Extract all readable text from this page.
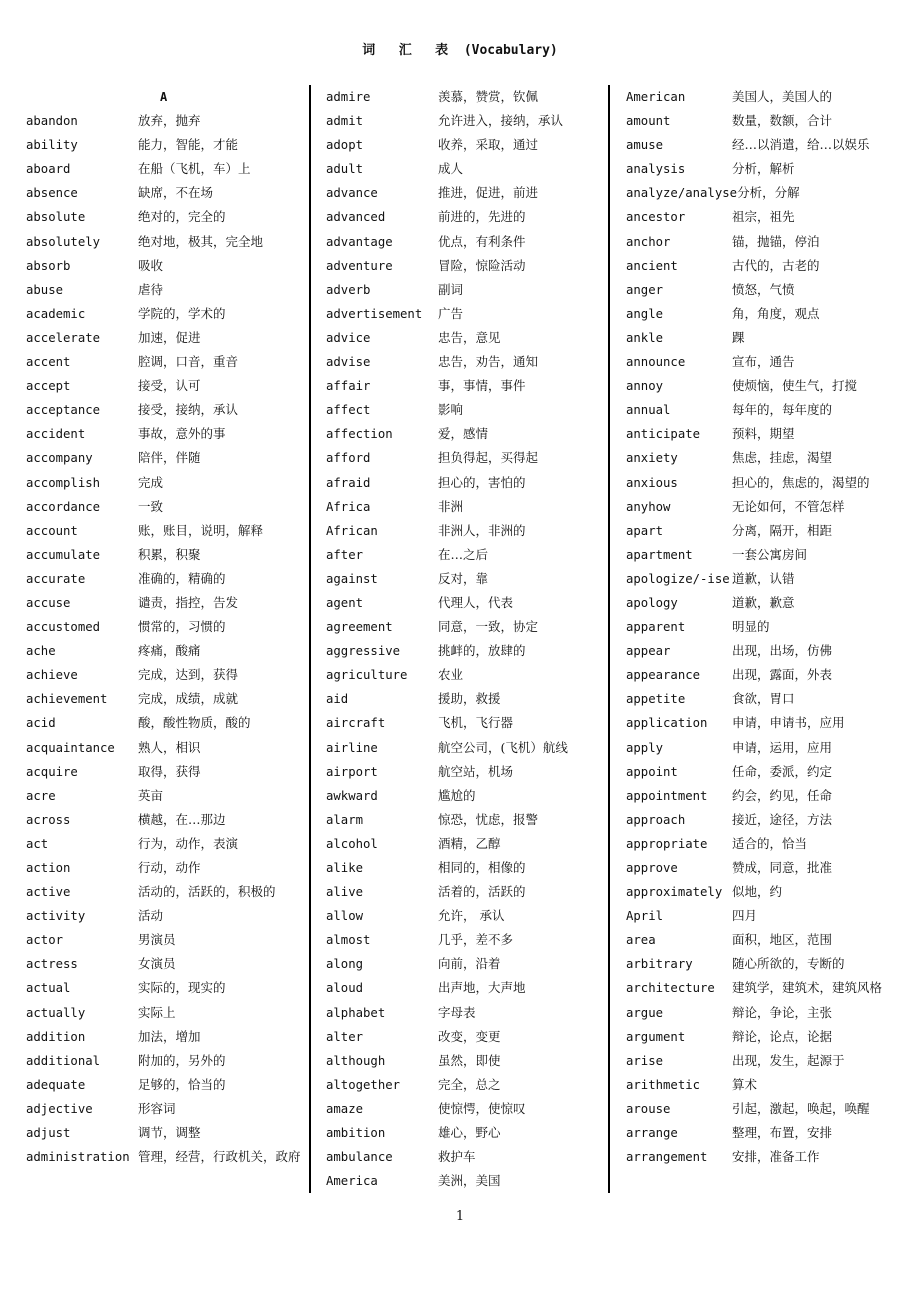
词   汇   表  (Vocabulary)
A
abandon	放弃，抛弃
ability	能力，智能，才能
aboard	在船（飞机，车）上
absence	缺席，不在场
absolute	绝对的，完全的
absolutely	绝对地，极其，完全地
absorb	吸收
abuse	虐待
academic	学院的，学术的
accelerate	加速，促进
accent	腔调，口音，重音
accept	接受，认可
acceptance	接受，接纳，承认
accident	事故，意外的事
accompany	陪伴，伴随
accomplish	完成
accordance	一致
account	账，账目，说明，解释
accumulate	积累，积聚
accurate	准确的，精确的
accuse	谴责，指控，告发
accustomed	惯常的，习惯的
ache	疼痛，酸痛
achieve	完成，达到，获得
achievement	完成，成绩，成就
acid	酸，酸性物质，酸的
acquaintance	熟人，相识
acquire	取得，获得
acre	英亩
across	横越，在…那边
act	行为，动作，表演
action	行动，动作
active	活动的，活跃的，积极的
activity	活动
actor	男演员
actress	女演员
actual	实际的，现实的
actually	实际上
addition	加法，增加
additional	附加的，另外的
adequate	足够的，恰当的
adjective	形容词
adjust	调节，调整
administration 管理，经营，行政机关，政府
admire	羡慕，赞赏，钦佩
admit	允许进入，接纳，承认
adopt	收养，采取，通过
adult	成人
advance	推进，促进，前进
advanced	前进的，先进的
advantage	优点，有利条件
adventure	冒险，惊险活动
adverb	副词
advertisement	广告
advice	忠告，意见
advise	忠告，劝告，通知
affair	事，事情，事件
affect	影响
affection	爱，感情
afford	担负得起，买得起
afraid	担心的，害怕的
Africa	非洲
African	非洲人，非洲的
after	在…之后
against	反对，靠
agent	代理人，代表
agreement	同意，一致，协定
aggressive	挑衅的，放肆的
agriculture	农业
aid	援助，救援
aircraft	飞机，飞行器
airline	航空公司，(飞机）航线
airport	航空站，机场
awkward	尴尬的
alarm	惊恐，忧虑，报警
alcohol	酒精，乙醇
alike	相同的，相像的
alive	活着的，活跃的
allow	允许， 承认
almost	几乎，差不多
along	向前，沿着
aloud	出声地，大声地
alphabet	字母表
alter	改变，变更
although	虽然，即使
altogether	完全，总之
amaze	使惊愕，使惊叹
ambition	雄心，野心
ambulance	救护车
America	美洲，美国
American	美国人，美国人的
amount	数量，数额，合计
amuse	经…以消遣，给…以娱乐
analysis	分析，解析
analyze/analyse 分析，分解
ancestor	祖宗，祖先
anchor	锚，抛锚，停泊
ancient	古代的，古老的
anger	愤怒，气愤
angle	角，角度，观点
ankle	踝
announce	宣布，通告
annoy	使烦恼，使生气，打搅
annual	每年的，每年度的
anticipate	预料，期望
anxiety	焦虑，挂虑，渴望
anxious	担心的，焦虑的，渴望的
anyhow	无论如何，不管怎样
apart	分离，隔开，相距
apartment	一套公寓房间
apologize/-ise 道歉，认错
apology	道歉，歉意
apparent	明显的
appear	出现，出场，仿佛
appearance	出现，露面，外表
appetite	食欲，胃口
application	申请，申请书，应用
apply	申请，运用，应用
appoint	任命，委派，约定
appointment	约会，约见，任命
approach	接近，途径，方法
appropriate	适合的，恰当
approve	赞成，同意，批准
approximately 似地，约
April	四月
area	面积，地区，范围
arbitrary	随心所欲的，专断的
architecture	建筑学，建筑术，建筑风格
argue	辩论，争论，主张
argument	辩论，论点，论据
arise	出现，发生，起源于
arithmetic	算术
arouse	引起，激起，唤起，唤醒
arrange	整理，布置，安排
arrangement	安排，准备工作

1
